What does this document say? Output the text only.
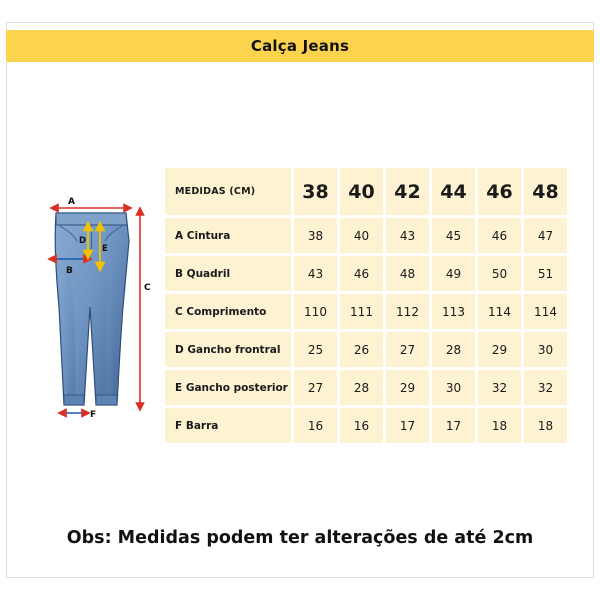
Calça Jeans
A
B
C
D
E
F
MEDIDAS (CM)	38	40	42	44	46	48
A Cintura	38	40	43	45	46	47
B Quadril	43	46	48	49	50	51
C Comprimento	110	111	112	113	114	114
D Gancho frontral	25	26	27	28	29	30
E Gancho posterior	27	28	29	30	32	32
F Barra	16	16	17	17	18	18
Obs: Medidas podem ter alterações de até 2cm
